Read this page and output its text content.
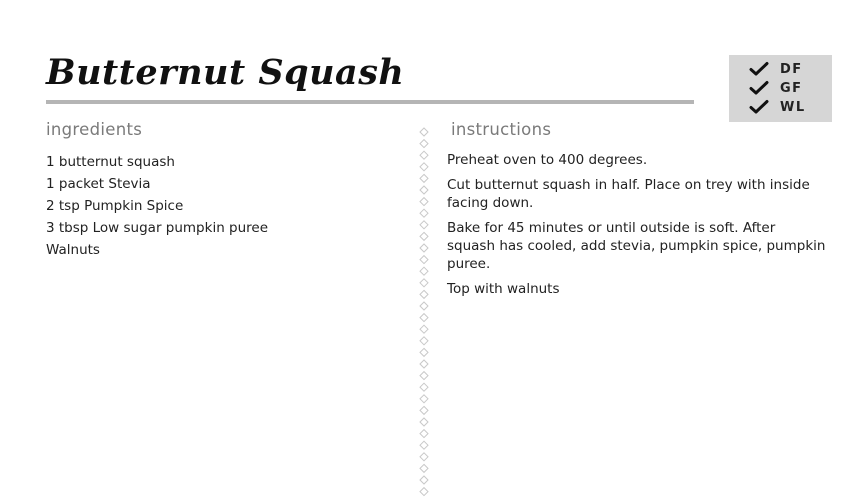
Butternut Squash	DF
GF
WL
ingredients	instructions
1 butternut squash
1 packet Stevia
2 tsp Pumpkin Spice
3 tbsp Low sugar pumpkin puree
Walnuts
Preheat oven to 400 degrees.
Cut butternut squash in half. Place on trey with inside facing down.
Bake for 45 minutes or until outside is soft. After squash has cooled, add stevia, pumpkin spice, pumpkin puree.
Top with walnuts
